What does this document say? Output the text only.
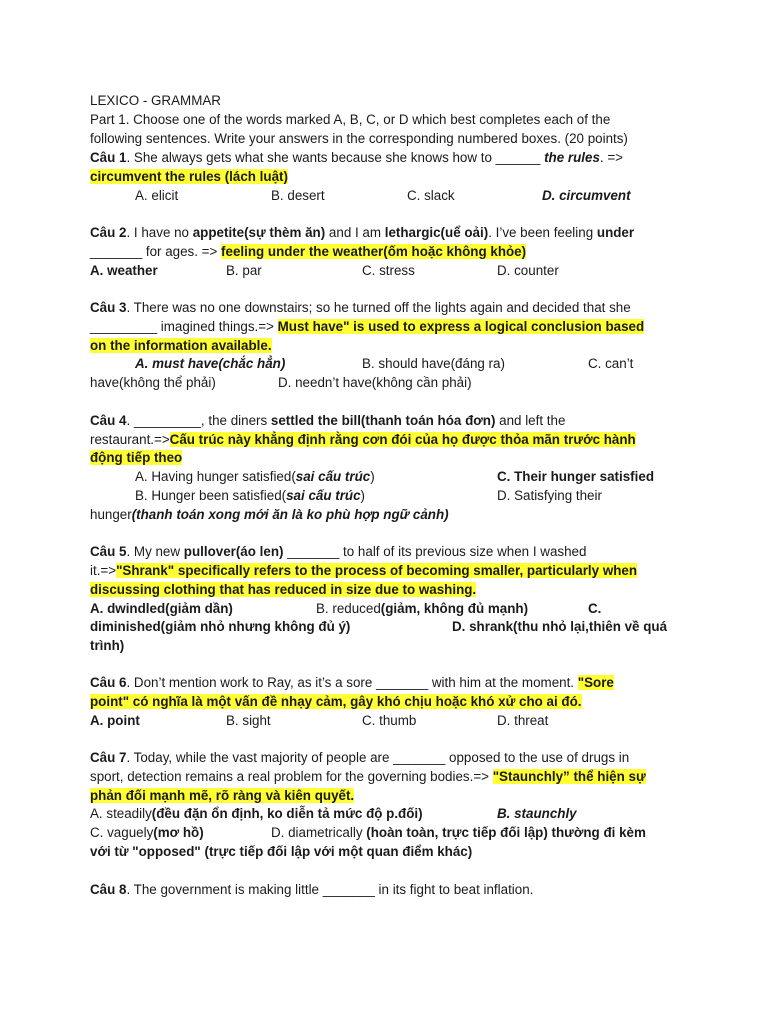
LEXICO - GRAMMAR
Part 1. Choose one of the words marked A, B, C, or D which best completes each of the
following sentences. Write your answers in the corresponding numbered boxes. (20 points)
Câu 1. She always gets what she wants because she knows how to ______ the rules. =>
circumvent the rules (lách luật)
A. elicit	B. desert	C. slack	D. circumvent
Câu 2. I have no appetite(sự thèm ăn) and I am lethargic(uể oải). I’ve been feeling under
_______ for ages. => feeling under the weather(ốm hoặc không khỏe)
A. weather	B. par	C. stress	D. counter
Câu 3. There was no one downstairs; so he turned off the lights again and decided that she
_________ imagined things.=> Must have" is used to express a logical conclusion based
on the information available.
A. must have(chắc hẳn)	B. should have(đáng ra)	C. can’t
have(không thể phải)	D. needn’t have(không cần phải)
Câu 4. _________, the diners settled the bill(thanh toán hóa đơn) and left the
restaurant.=>Cấu trúc này khẳng định rằng cơn đói của họ được thỏa mãn trước hành
động tiếp theo
A. Having hunger satisfied(sai cấu trúc)	C. Their hunger satisfied
B. Hunger been satisfied(sai cấu trúc)	D. Satisfying their
hunger(thanh toán xong mới ăn là ko phù hợp ngữ cảnh)
Câu 5. My new pullover(áo len) _______ to half of its previous size when I washed
it.=>"Shrank" specifically refers to the process of becoming smaller, particularly when
discussing clothing that has reduced in size due to washing.
A. dwindled(giảm dần)	B. reduced(giảm, không đủ mạnh)	C.
diminished(giảm nhỏ nhưng không đủ ý)	D. shrank(thu nhỏ lại,thiên về quá
trình)
Câu 6. Don’t mention work to Ray, as it’s a sore _______ with him at the moment. "Sore
point" có nghĩa là một vấn đề nhạy cảm, gây khó chịu hoặc khó xử cho ai đó.
A. point	B. sight	C. thumb	D. threat
Câu 7. Today, while the vast majority of people are _______ opposed to the use of drugs in
sport, detection remains a real problem for the governing bodies.=> "Staunchly” thể hiện sự
phản đối mạnh mẽ, rõ ràng và kiên quyết.
A. steadily(đều đặn ổn định, ko diễn tả mức độ p.đối)	B. staunchly
C. vaguely(mơ hồ)	D. diametrically (hoàn toàn, trực tiếp đối lập) thường đi kèm
với từ "opposed" (trực tiếp đối lập với một quan điểm khác)
Câu 8. The government is making little _______ in its fight to beat inflation.
